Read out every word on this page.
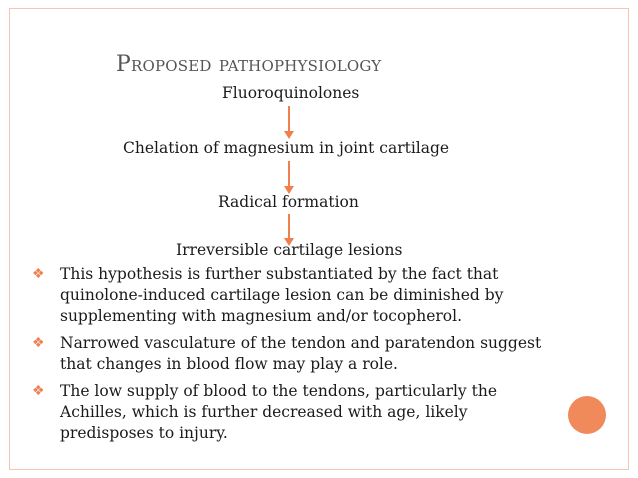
Proposed pathophysiology
Fluoroquinolones
Chelation of magnesium in joint cartilage
Radical formation
Irreversible cartilage lesions
❖ This hypothesis is further substantiated by the fact that quinolone-induced cartilage lesion can be diminished by supplementing with magnesium and/or tocopherol.
❖ Narrowed vasculature of the tendon and paratendon suggest that changes in blood flow may play a role.
❖ The low supply of blood to the tendons, particularly the Achilles, which is further decreased with age, likely predisposes to injury.
